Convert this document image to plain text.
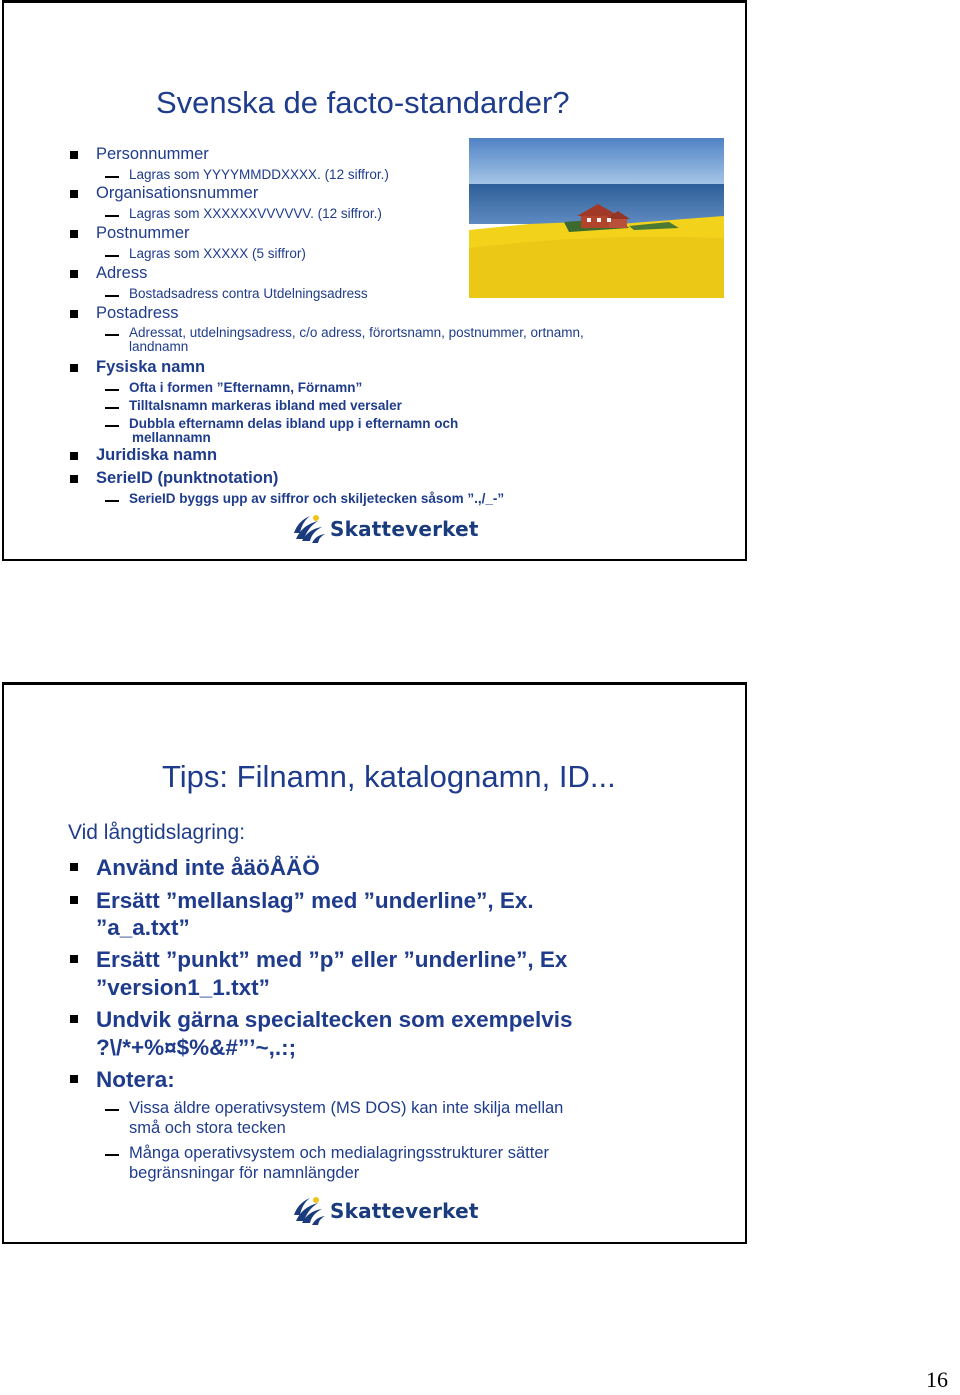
Svenska de facto-standarder?
Personnummer
Lagras som YYYYMMDDXXXX. (12 siffror.)
Organisationsnummer
Lagras som XXXXXXVVVVVV. (12 siffror.)
Postnummer
Lagras som XXXXX (5 siffror)
Adress
Bostadsadress contra Utdelningsadress
Postadress
Adressat, utdelningsadress, c/o adress, förortsnamn, postnummer, ortnamn,
landnamn
Fysiska namn
Ofta i formen ”Efternamn, Förnamn”
Tilltalsnamn markeras ibland med versaler
Dubbla efternamn delas ibland upp i efternamn och
mellannamn
Juridiska namn
SerieID (punktnotation)
SerieID byggs upp av siffror och skiljetecken såsom ”.,/_-”
Skatteverket
Tips: Filnamn, katalognamn, ID...
Vid långtidslagring:
Använd inte åäöÅÄÖ
Ersätt ”mellanslag” med ”underline”, Ex.
”a_a.txt”
Ersätt ”punkt” med ”p” eller ”underline”, Ex
”version1_1.txt”
Undvik gärna specialtecken som exempelvis
?\/*+%¤$%&#”’~,.:;
Notera:
Vissa äldre operativsystem (MS DOS) kan inte skilja mellan
små och stora tecken
Många operativsystem och medialagringsstrukturer sätter
begränsningar för namnlängder
Skatteverket
16
